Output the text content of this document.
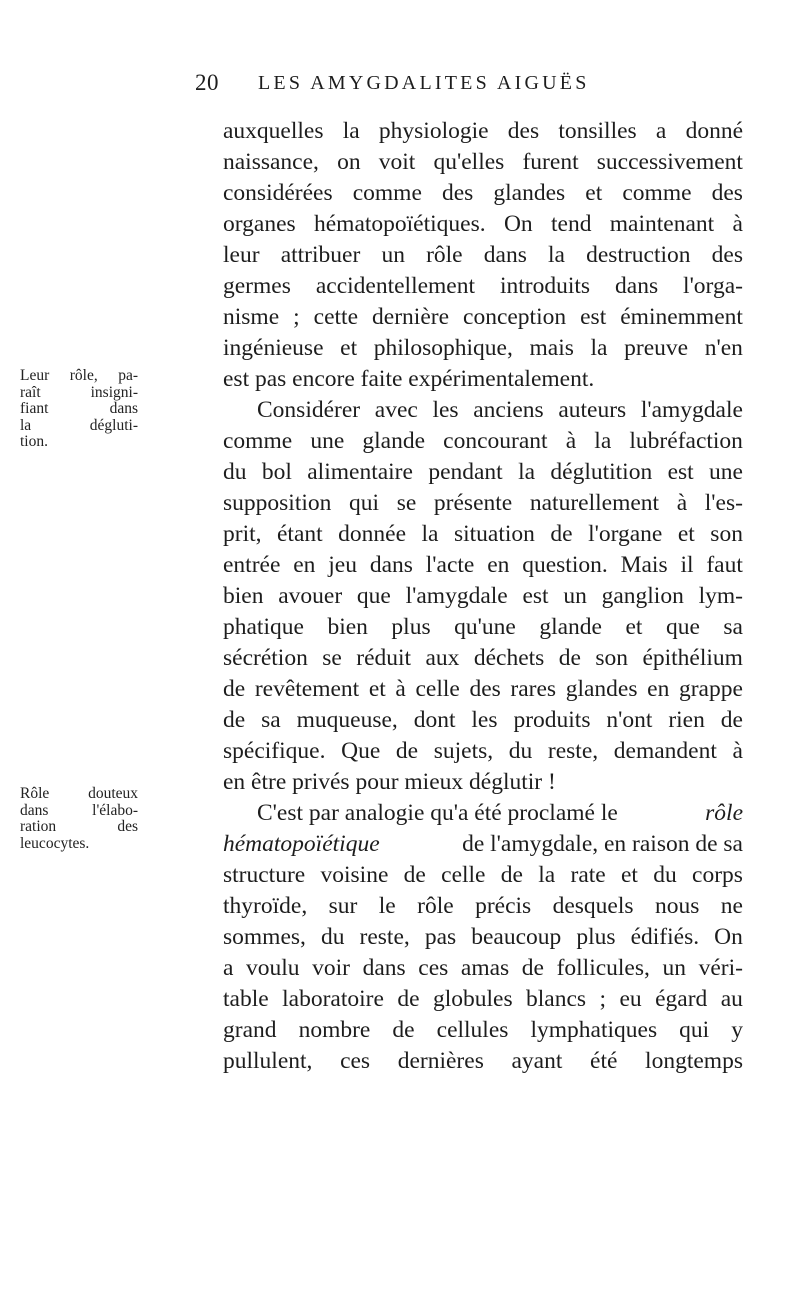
20 LES AMYGDALITES AIGUËS
Leur rôle, pa-
raît	insigni-
fiant	dans
la	dégluti-
tion.
Rôle	douteux
dans	l'élabo-
ration	des
leucocytes.
auxquelles la physiologie des tonsilles a donné
naissance, on voit qu'elles furent successivement
considérées comme des glandes et comme des
organes hématopoïétiques. On tend maintenant à
leur attribuer un rôle dans la destruction des
germes accidentellement introduits dans l'orga-
nisme ; cette dernière conception est éminemment
ingénieuse et philosophique, mais la preuve n'en
est pas encore faite expérimentalement.
Considérer avec les anciens auteurs l'amygdale
comme une glande concourant à la lubréfaction
du bol alimentaire pendant la déglutition est une
supposition qui se présente naturellement à l'es-
prit, étant donnée la situation de l'organe et son
entrée en jeu dans l'acte en question. Mais il faut
bien avouer que l'amygdale est un ganglion lym-
phatique bien plus qu'une glande et que sa
sécrétion se réduit aux déchets de son épithélium
de revêtement et à celle des rares glandes en grappe
de sa muqueuse, dont les produits n'ont rien de
spécifique. Que de sujets, du reste, demandent à
en être privés pour mieux déglutir !
C'est par analogie qu'a été proclamé le	rôle
hématopoïétique	de l'amygdale, en raison de sa
structure voisine de celle de la rate et du corps
thyroïde, sur le rôle précis desquels nous ne
sommes, du reste, pas beaucoup plus édifiés. On
a voulu voir dans ces amas de follicules, un véri-
table laboratoire de globules blancs ; eu égard au
grand nombre de cellules lymphatiques qui y
pullulent, ces dernières ayant été longtemps
